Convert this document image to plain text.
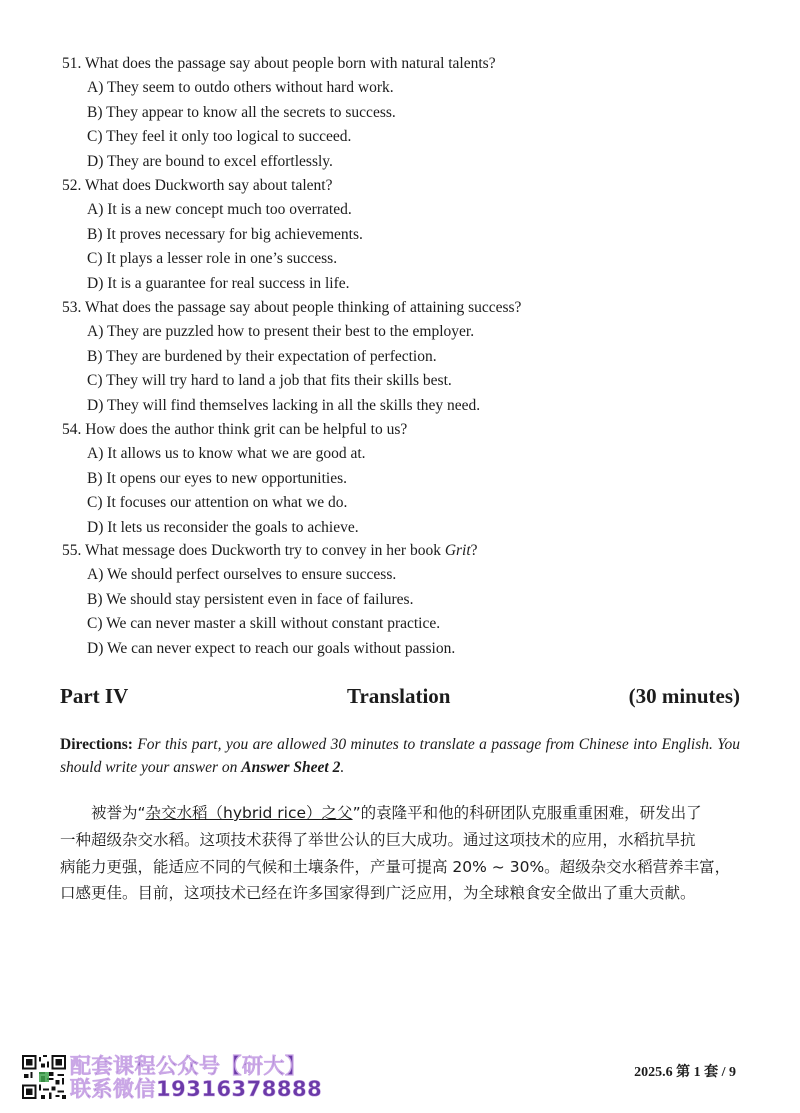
51. What does the passage say about people born with natural talents?
A) They seem to outdo others without hard work.
B) They appear to know all the secrets to success.
C) They feel it only too logical to succeed.
D) They are bound to excel effortlessly.
52. What does Duckworth say about talent?
A) It is a new concept much too overrated.
B) It proves necessary for big achievements.
C) It plays a lesser role in one’s success.
D) It is a guarantee for real success in life.
53. What does the passage say about people thinking of attaining success?
A) They are puzzled how to present their best to the employer.
B) They are burdened by their expectation of perfection.
C) They will try hard to land a job that fits their skills best.
D) They will find themselves lacking in all the skills they need.
54. How does the author think grit can be helpful to us?
A) It allows us to know what we are good at.
B) It opens our eyes to new opportunities.
C) It focuses our attention on what we do.
D) It lets us reconsider the goals to achieve.
55. What message does Duckworth try to convey in her book Grit?
A) We should perfect ourselves to ensure success.
B) We should stay persistent even in face of failures.
C) We can never master a skill without constant practice.
D) We can never expect to reach our goals without passion.
Part IV	Translation	(30 minutes)
Directions: For this part, you are allowed 30 minutes to translate a passage from Chinese into English. You should write your answer on Answer Sheet 2.
被誉为“杂交水稻（hybrid rice）之父”的袁隆平和他的科研团队克服重重困难，研发出了
一种超级杂交水稻。这项技术获得了举世公认的巨大成功。通过这项技术的应用，水稻抗旱抗
病能力更强，能适应不同的气候和土壤条件，产量可提高 20% ~ 30%。超级杂交水稻营养丰富，
口感更佳。目前，这项技术已经在许多国家得到广泛应用，为全球粮食安全做出了重大贡献。
配套课程公众号【研大】
联系微信19316378888
2025.6 第 1 套 / 9
